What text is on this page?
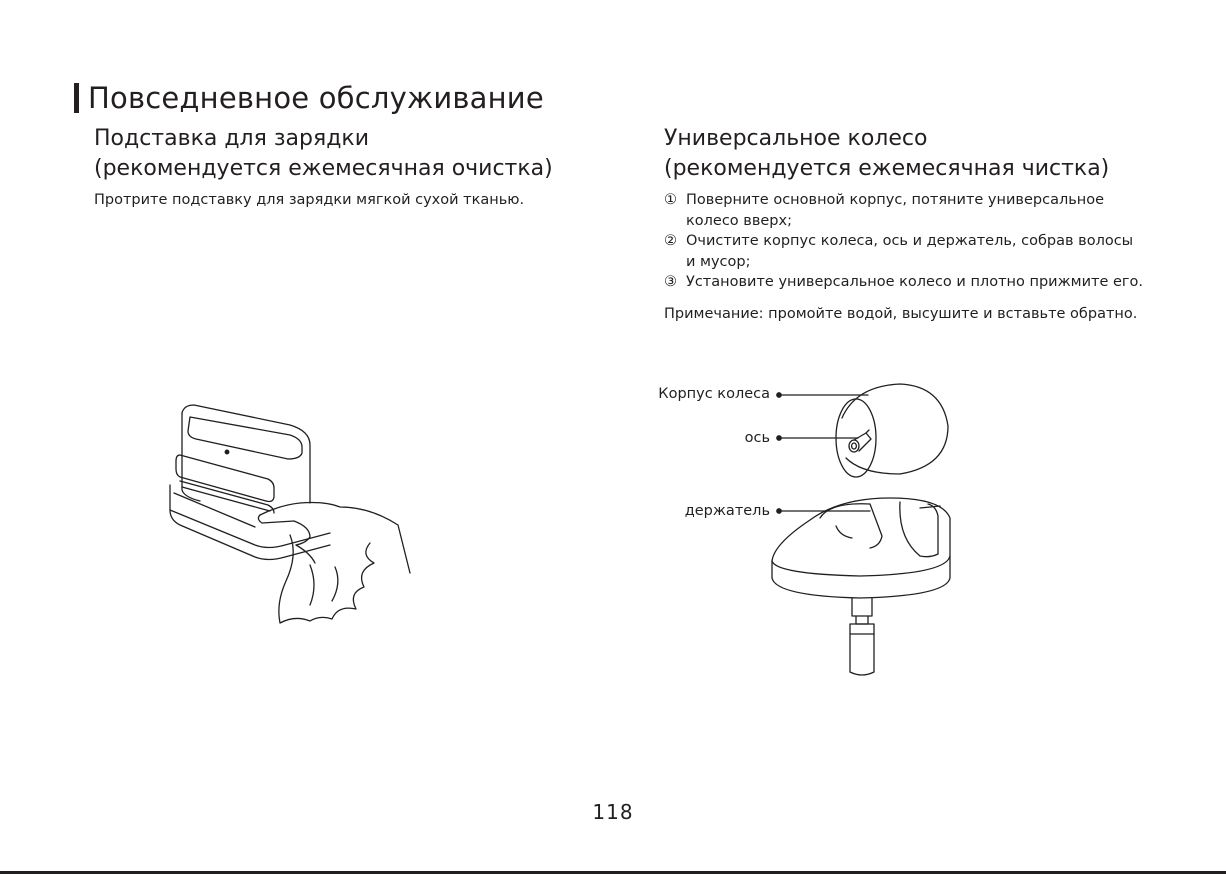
Повседневное обслуживание
Подставка для зарядки
(рекомендуется ежемесячная очистка)
Протрите подставку для зарядки мягкой сухой тканью.
Универсальное колесо
(рекомендуется ежемесячная чистка)
① Поверните основной корпус, потяните универсальное
колесо вверх;
② Очистите корпус колеса, ось и держатель, собрав волосы
и мусор;
③ Установите универсальное колесо и плотно прижмите его.
Примечание: промойте водой, высушите и вставьте обратно.
Корпус колеса
ось
держатель
118
